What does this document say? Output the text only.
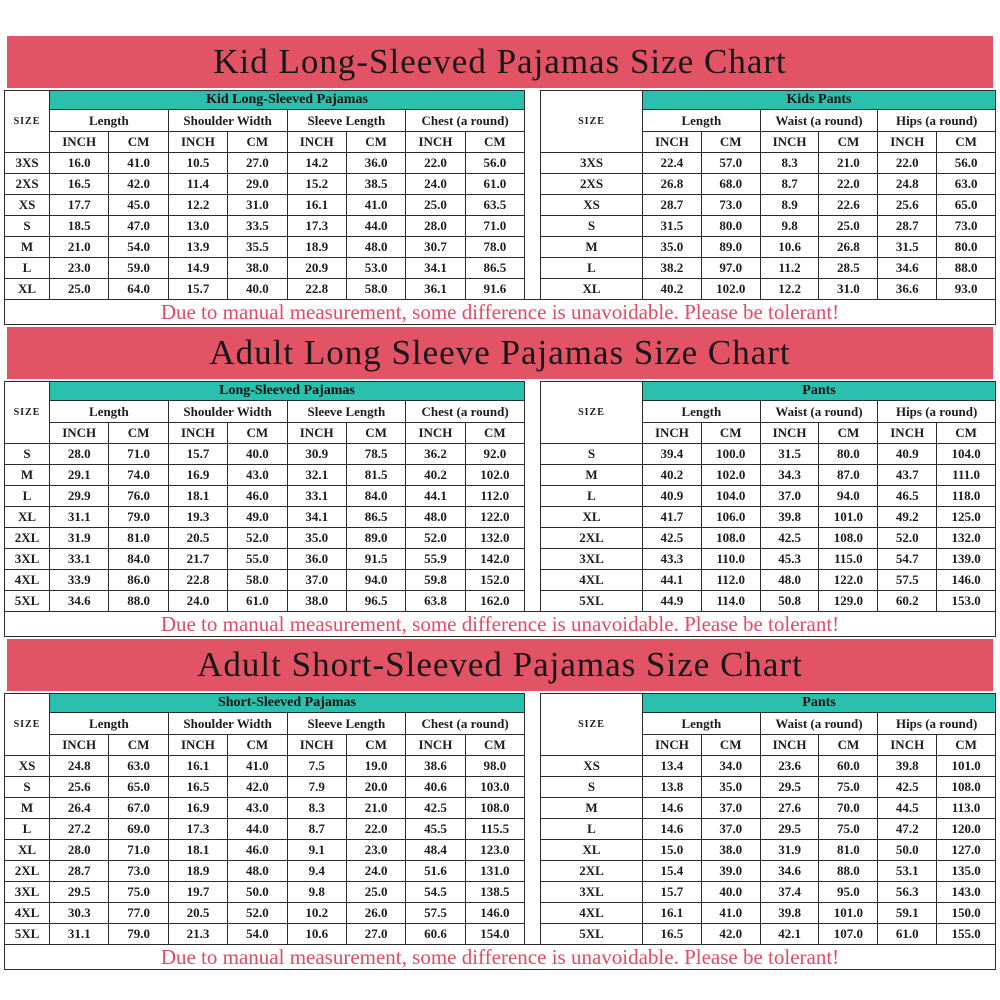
Kid Long-Sleeved Pajamas Size Chart
SIZE	Kid Long-Sleeved Pajamas							
	Length		Shoulder Width		Sleeve Length		Chest (a round)	
	INCH	CM	INCH	CM	INCH	CM	INCH	CM
3XS	16.0	41.0	10.5	27.0	14.2	36.0	22.0	56.0
2XS	16.5	42.0	11.4	29.0	15.2	38.5	24.0	61.0
XS	17.7	45.0	12.2	31.0	16.1	41.0	25.0	63.5
S	18.5	47.0	13.0	33.5	17.3	44.0	28.0	71.0
M	21.0	54.0	13.9	35.5	18.9	48.0	30.7	78.0
L	23.0	59.0	14.9	38.0	20.9	53.0	34.1	86.5
XL	25.0	64.0	15.7	40.0	22.8	58.0	36.1	91.6
SIZE	Kids Pants					
	Length		Waist (a round)		Hips (a round)	
	INCH	CM	INCH	CM	INCH	CM
3XS	22.4	57.0	8.3	21.0	22.0	56.0
2XS	26.8	68.0	8.7	22.0	24.8	63.0
XS	28.7	73.0	8.9	22.6	25.6	65.0
S	31.5	80.0	9.8	25.0	28.7	73.0
M	35.0	89.0	10.6	26.8	31.5	80.0
L	38.2	97.0	11.2	28.5	34.6	88.0
XL	40.2	102.0	12.2	31.0	36.6	93.0
Due to manual measurement, some difference is unavoidable. Please be tolerant!
Adult Long Sleeve Pajamas Size Chart
SIZE	Long-Sleeved Pajamas							
	Length		Shoulder Width		Sleeve Length		Chest (a round)	
	INCH	CM	INCH	CM	INCH	CM	INCH	CM
S	28.0	71.0	15.7	40.0	30.9	78.5	36.2	92.0
M	29.1	74.0	16.9	43.0	32.1	81.5	40.2	102.0
L	29.9	76.0	18.1	46.0	33.1	84.0	44.1	112.0
XL	31.1	79.0	19.3	49.0	34.1	86.5	48.0	122.0
2XL	31.9	81.0	20.5	52.0	35.0	89.0	52.0	132.0
3XL	33.1	84.0	21.7	55.0	36.0	91.5	55.9	142.0
4XL	33.9	86.0	22.8	58.0	37.0	94.0	59.8	152.0
5XL	34.6	88.0	24.0	61.0	38.0	96.5	63.8	162.0
SIZE	Pants					
	Length		Waist (a round)		Hips (a round)	
	INCH	CM	INCH	CM	INCH	CM
S	39.4	100.0	31.5	80.0	40.9	104.0
M	40.2	102.0	34.3	87.0	43.7	111.0
L	40.9	104.0	37.0	94.0	46.5	118.0
XL	41.7	106.0	39.8	101.0	49.2	125.0
2XL	42.5	108.0	42.5	108.0	52.0	132.0
3XL	43.3	110.0	45.3	115.0	54.7	139.0
4XL	44.1	112.0	48.0	122.0	57.5	146.0
5XL	44.9	114.0	50.8	129.0	60.2	153.0
Due to manual measurement, some difference is unavoidable. Please be tolerant!
Adult Short-Sleeved Pajamas Size Chart
SIZE	Short-Sleeved Pajamas							
	Length		Shoulder Width		Sleeve Length		Chest (a round)	
	INCH	CM	INCH	CM	INCH	CM	INCH	CM
XS	24.8	63.0	16.1	41.0	7.5	19.0	38.6	98.0
S	25.6	65.0	16.5	42.0	7.9	20.0	40.6	103.0
M	26.4	67.0	16.9	43.0	8.3	21.0	42.5	108.0
L	27.2	69.0	17.3	44.0	8.7	22.0	45.5	115.5
XL	28.0	71.0	18.1	46.0	9.1	23.0	48.4	123.0
2XL	28.7	73.0	18.9	48.0	9.4	24.0	51.6	131.0
3XL	29.5	75.0	19.7	50.0	9.8	25.0	54.5	138.5
4XL	30.3	77.0	20.5	52.0	10.2	26.0	57.5	146.0
5XL	31.1	79.0	21.3	54.0	10.6	27.0	60.6	154.0
SIZE	Pants					
	Length		Waist (a round)		Hips (a round)	
	INCH	CM	INCH	CM	INCH	CM
XS	13.4	34.0	23.6	60.0	39.8	101.0
S	13.8	35.0	29.5	75.0	42.5	108.0
M	14.6	37.0	27.6	70.0	44.5	113.0
L	14.6	37.0	29.5	75.0	47.2	120.0
XL	15.0	38.0	31.9	81.0	50.0	127.0
2XL	15.4	39.0	34.6	88.0	53.1	135.0
3XL	15.7	40.0	37.4	95.0	56.3	143.0
4XL	16.1	41.0	39.8	101.0	59.1	150.0
5XL	16.5	42.0	42.1	107.0	61.0	155.0
Due to manual measurement, some difference is unavoidable. Please be tolerant!
